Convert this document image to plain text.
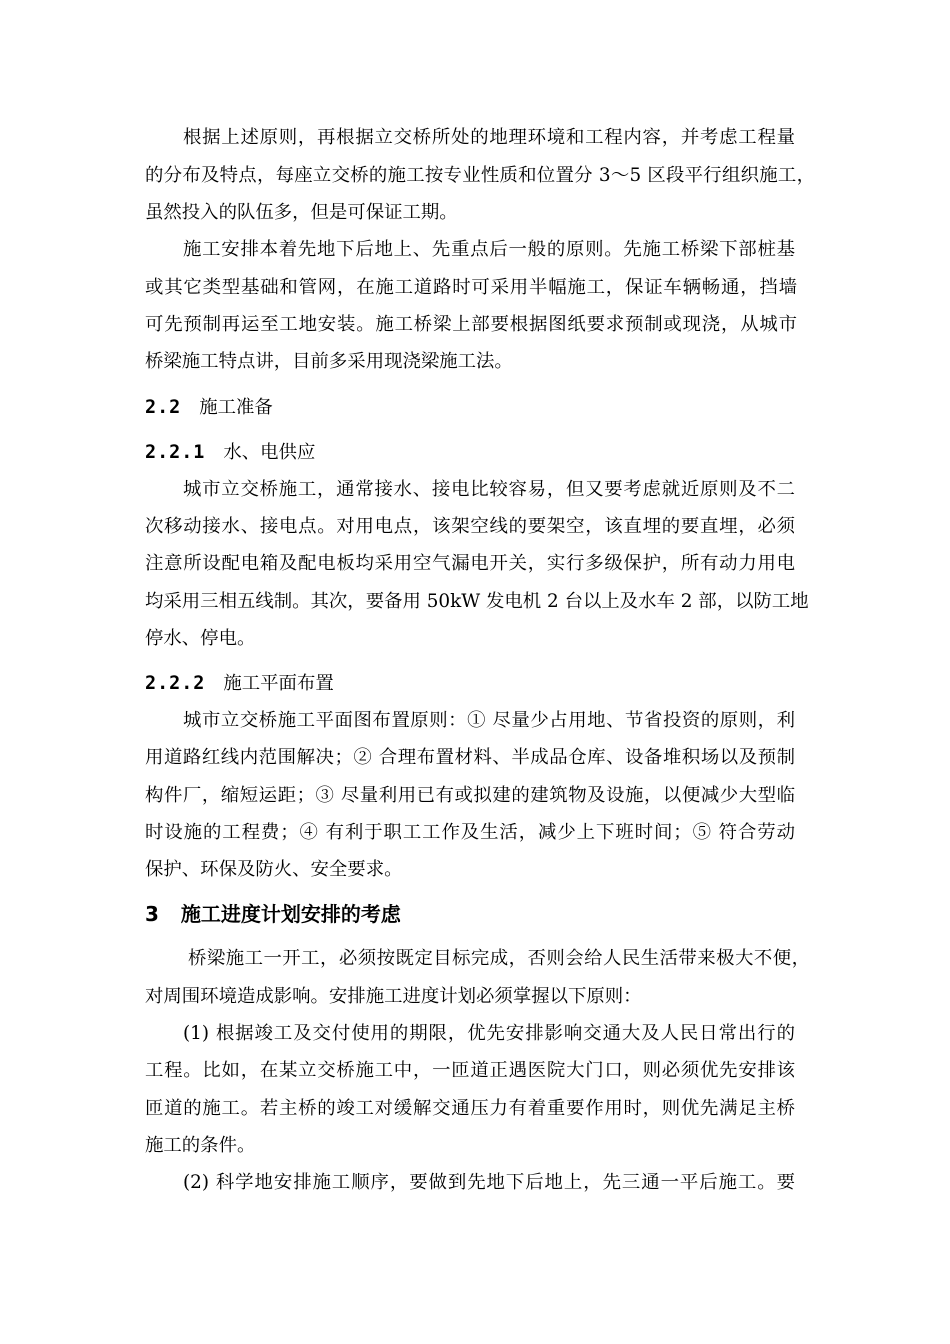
根据上述原则，再根据立交桥所处的地理环境和工程内容，并考虑工程量
的分布及特点，每座立交桥的施工按专业性质和位置分 3～5 区段平行组织施工，
虽然投入的队伍多，但是可保证工期。
施工安排本着先地下后地上、先重点后一般的原则。先施工桥梁下部桩基
或其它类型基础和管网，在施工道路时可采用半幅施工，保证车辆畅通，挡墙
可先预制再运至工地安装。施工桥梁上部要根据图纸要求预制或现浇，从城市
桥梁施工特点讲，目前多采用现浇梁施工法。
2.2 施工准备
2.2.1 水、电供应
城市立交桥施工，通常接水、接电比较容易，但又要考虑就近原则及不二
次移动接水、接电点。对用电点，该架空线的要架空，该直埋的要直埋，必须
注意所设配电箱及配电板均采用空气漏电开关，实行多级保护，所有动力用电
均采用三相五线制。其次，要备用 50kW 发电机 2 台以上及水车 2 部，以防工地
停水、停电。
2.2.2 施工平面布置
城市立交桥施工平面图布置原则：① 尽量少占用地、节省投资的原则，利
用道路红线内范围解决；② 合理布置材料、半成品仓库、设备堆积场以及预制
构件厂，缩短运距；③ 尽量利用已有或拟建的建筑物及设施，以便减少大型临
时设施的工程费；④ 有利于职工工作及生活，减少上下班时间；⑤ 符合劳动
保护、环保及防火、安全要求。
3 施工进度计划安排的考虑
桥梁施工一开工，必须按既定目标完成，否则会给人民生活带来极大不便，
对周围环境造成影响。安排施工进度计划必须掌握以下原则：
(1) 根据竣工及交付使用的期限，优先安排影响交通大及人民日常出行的
工程。比如，在某立交桥施工中，一匝道正遇医院大门口，则必须优先安排该
匝道的施工。若主桥的竣工对缓解交通压力有着重要作用时，则优先满足主桥
施工的条件。
(2) 科学地安排施工顺序，要做到先地下后地上，先三通一平后施工。要
